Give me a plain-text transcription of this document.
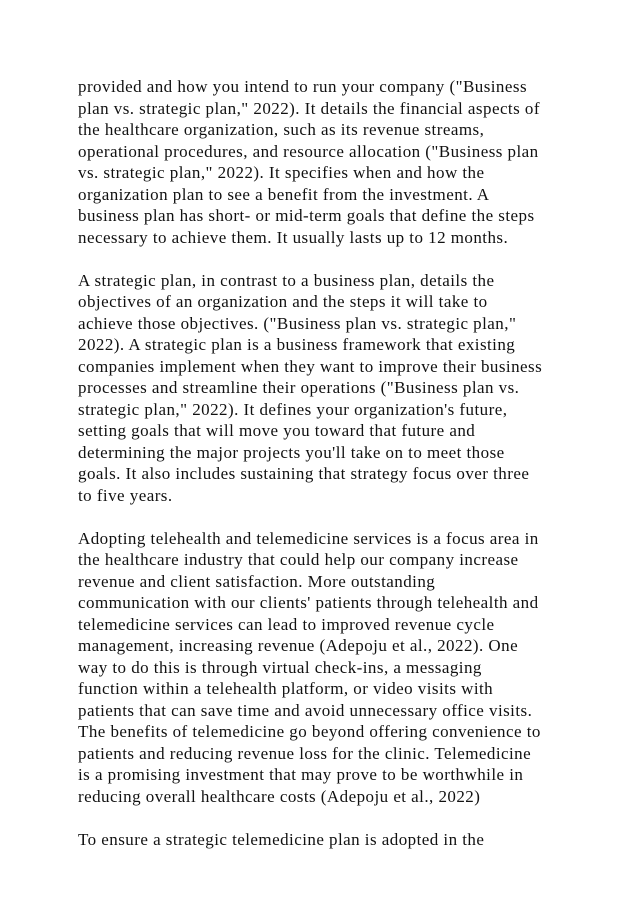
provided and how you intend to run your company ("Business
plan vs. strategic plan," 2022). It details the financial aspects of
the healthcare organization, such as its revenue streams,
operational procedures, and resource allocation ("Business plan
vs. strategic plan," 2022). It specifies when and how the
organization plan to see a benefit from the investment. A
business plan has short- or mid-term goals that define the steps
necessary to achieve them. It usually lasts up to 12 months.

A strategic plan, in contrast to a business plan, details the
objectives of an organization and the steps it will take to
achieve those objectives. ("Business plan vs. strategic plan,"
2022). A strategic plan is a business framework that existing
companies implement when they want to improve their business
processes and streamline their operations ("Business plan vs.
strategic plan," 2022). It defines your organization's future,
setting goals that will move you toward that future and
determining the major projects you'll take on to meet those
goals. It also includes sustaining that strategy focus over three
to five years.

Adopting telehealth and telemedicine services is a focus area in
the healthcare industry that could help our company increase
revenue and client satisfaction. More outstanding
communication with our clients' patients through telehealth and
telemedicine services can lead to improved revenue cycle
management, increasing revenue (Adepoju et al., 2022). One
way to do this is through virtual check-ins, a messaging
function within a telehealth platform, or video visits with
patients that can save time and avoid unnecessary office visits.
The benefits of telemedicine go beyond offering convenience to
patients and reducing revenue loss for the clinic. Telemedicine
is a promising investment that may prove to be worthwhile in
reducing overall healthcare costs (Adepoju et al., 2022)

To ensure a strategic telemedicine plan is adopted in the
